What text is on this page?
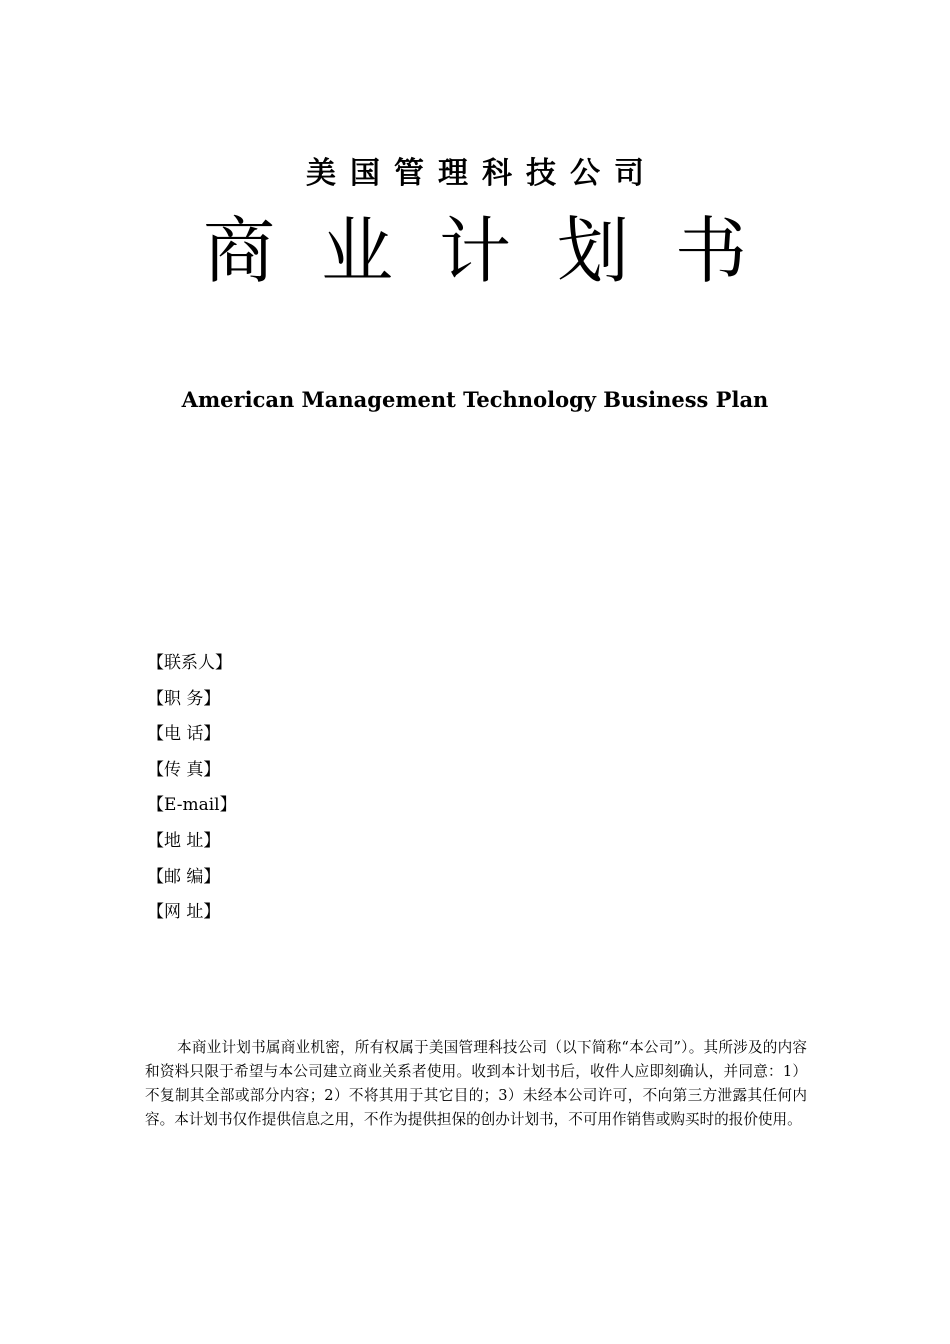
美国管理科技公司
商业计划书
American Management Technology Business Plan
【联系人】
【职 务】
【电 话】
【传 真】
【E-mail】
【地 址】
【邮 编】
【网 址】

本商业计划书属商业机密，所有权属于美国管理科技公司（以下简称“本公司”）。其所涉及的内容和资料只限于希望与本公司建立商业关系者使用。收到本计划书后，收件人应即刻确认，并同意：1）不复制其全部或部分内容；2）不将其用于其它目的；3）未经本公司许可，不向第三方泄露其任何内容。本计划书仅作提供信息之用，不作为提供担保的创办计划书，不可用作销售或购买时的报价使用。
